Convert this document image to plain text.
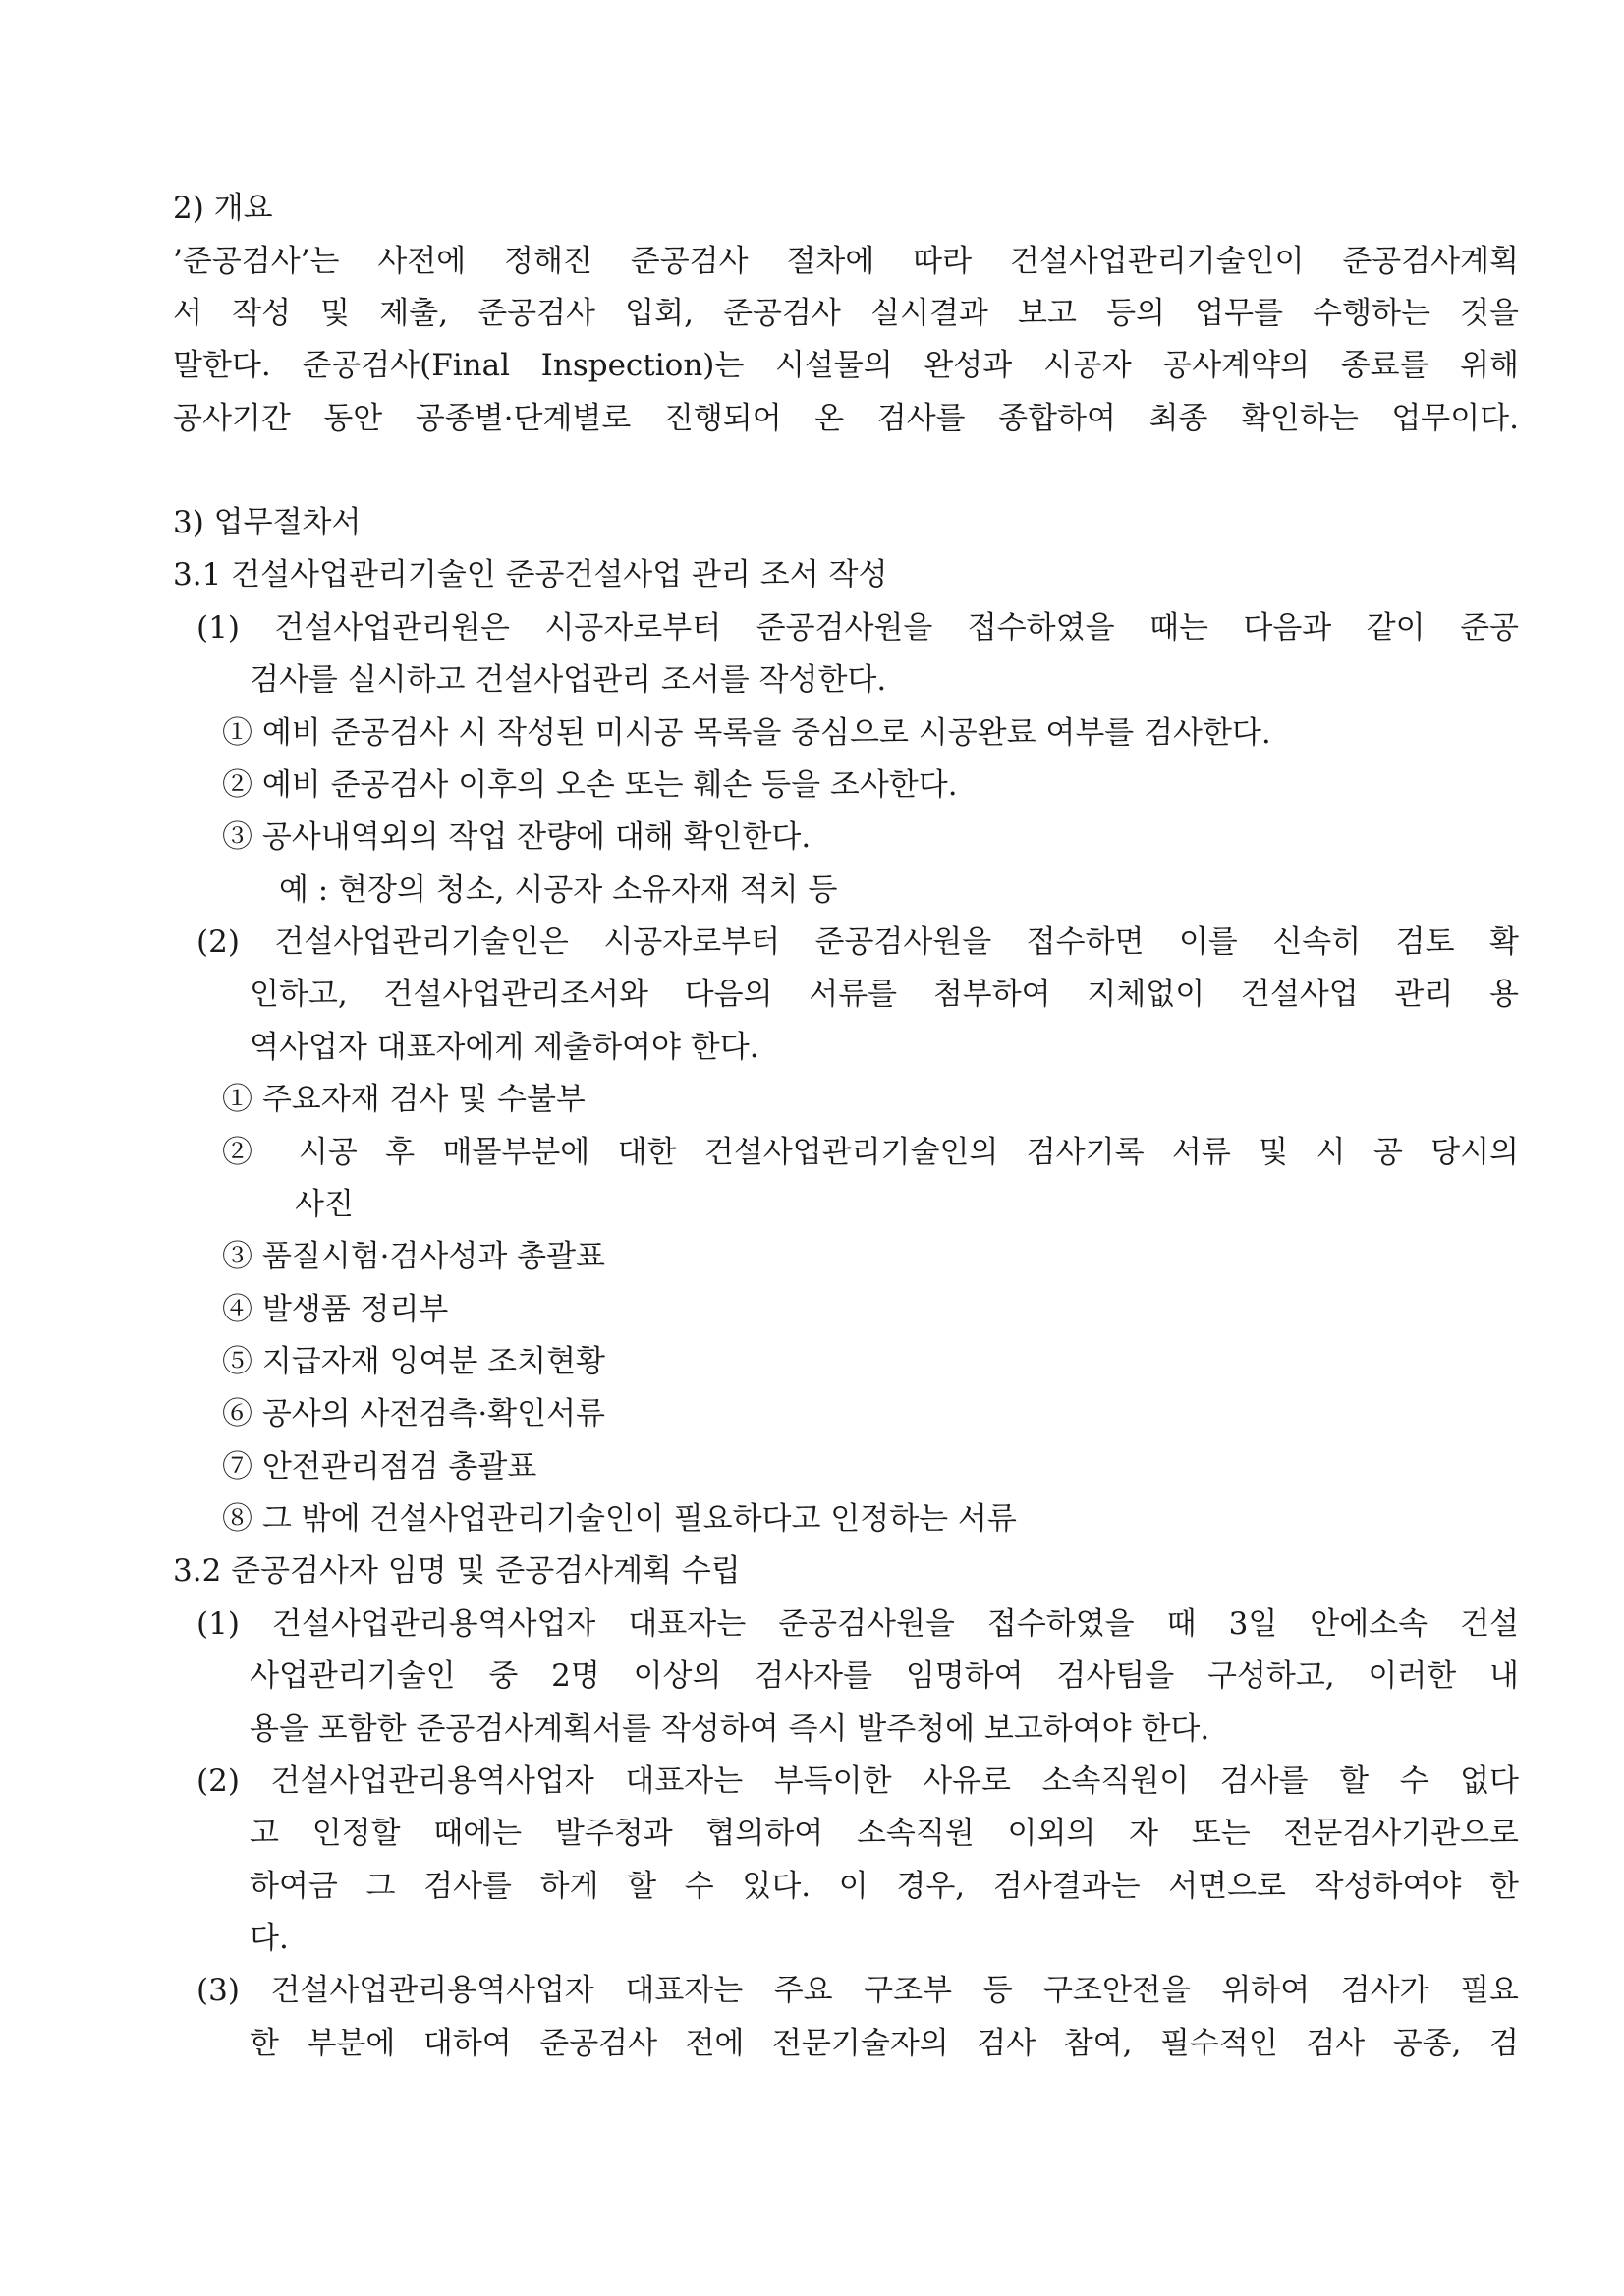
2) 개요
’준공검사’는 사전에 정해진 준공검사 절차에 따라 건설사업관리기술인이 준공검사계획
서 작성 및 제출, 준공검사 입회, 준공검사 실시결과 보고 등의 업무를 수행하는 것을
말한다. 준공검사(Final Inspection)는 시설물의 완성과 시공자 공사계약의 종료를 위해
공사기간 동안 공종별·단계별로 진행되어 온 검사를 종합하여 최종 확인하는 업무이다.
3) 업무절차서
3.1 건설사업관리기술인 준공건설사업 관리 조서 작성
(1) 건설사업관리원은 시공자로부터 준공검사원을 접수하였을 때는 다음과 같이 준공
검사를 실시하고 건설사업관리 조서를 작성한다.
① 예비 준공검사 시 작성된 미시공 목록을 중심으로 시공완료 여부를 검사한다.
② 예비 준공검사 이후의 오손 또는 훼손 등을 조사한다.
③ 공사내역외의 작업 잔량에 대해 확인한다.
예 : 현장의 청소, 시공자 소유자재 적치 등
(2) 건설사업관리기술인은 시공자로부터 준공검사원을 접수하면 이를 신속히 검토 확
인하고, 건설사업관리조서와 다음의 서류를 첨부하여 지체없이 건설사업 관리 용
역사업자 대표자에게 제출하여야 한다.
① 주요자재 검사 및 수불부
② 시공 후 매몰부분에 대한 건설사업관리기술인의 검사기록 서류 및 시 공 당시의
사진
③ 품질시험·검사성과 총괄표
④ 발생품 정리부
⑤ 지급자재 잉여분 조치현황
⑥ 공사의 사전검측·확인서류
⑦ 안전관리점검 총괄표
⑧ 그 밖에 건설사업관리기술인이 필요하다고 인정하는 서류
3.2 준공검사자 임명 및 준공검사계획 수립
(1) 건설사업관리용역사업자 대표자는 준공검사원을 접수하였을 때 3일 안에소속 건설
사업관리기술인 중 2명 이상의 검사자를 임명하여 검사팀을 구성하고, 이러한 내
용을 포함한 준공검사계획서를 작성하여 즉시 발주청에 보고하여야 한다.
(2) 건설사업관리용역사업자 대표자는 부득이한 사유로 소속직원이 검사를 할 수 없다
고 인정할 때에는 발주청과 협의하여 소속직원 이외의 자 또는 전문검사기관으로
하여금 그 검사를 하게 할 수 있다. 이 경우, 검사결과는 서면으로 작성하여야 한
다.
(3) 건설사업관리용역사업자 대표자는 주요 구조부 등 구조안전을 위하여 검사가 필요
한 부분에 대하여 준공검사 전에 전문기술자의 검사 참여, 필수적인 검사 공종, 검
